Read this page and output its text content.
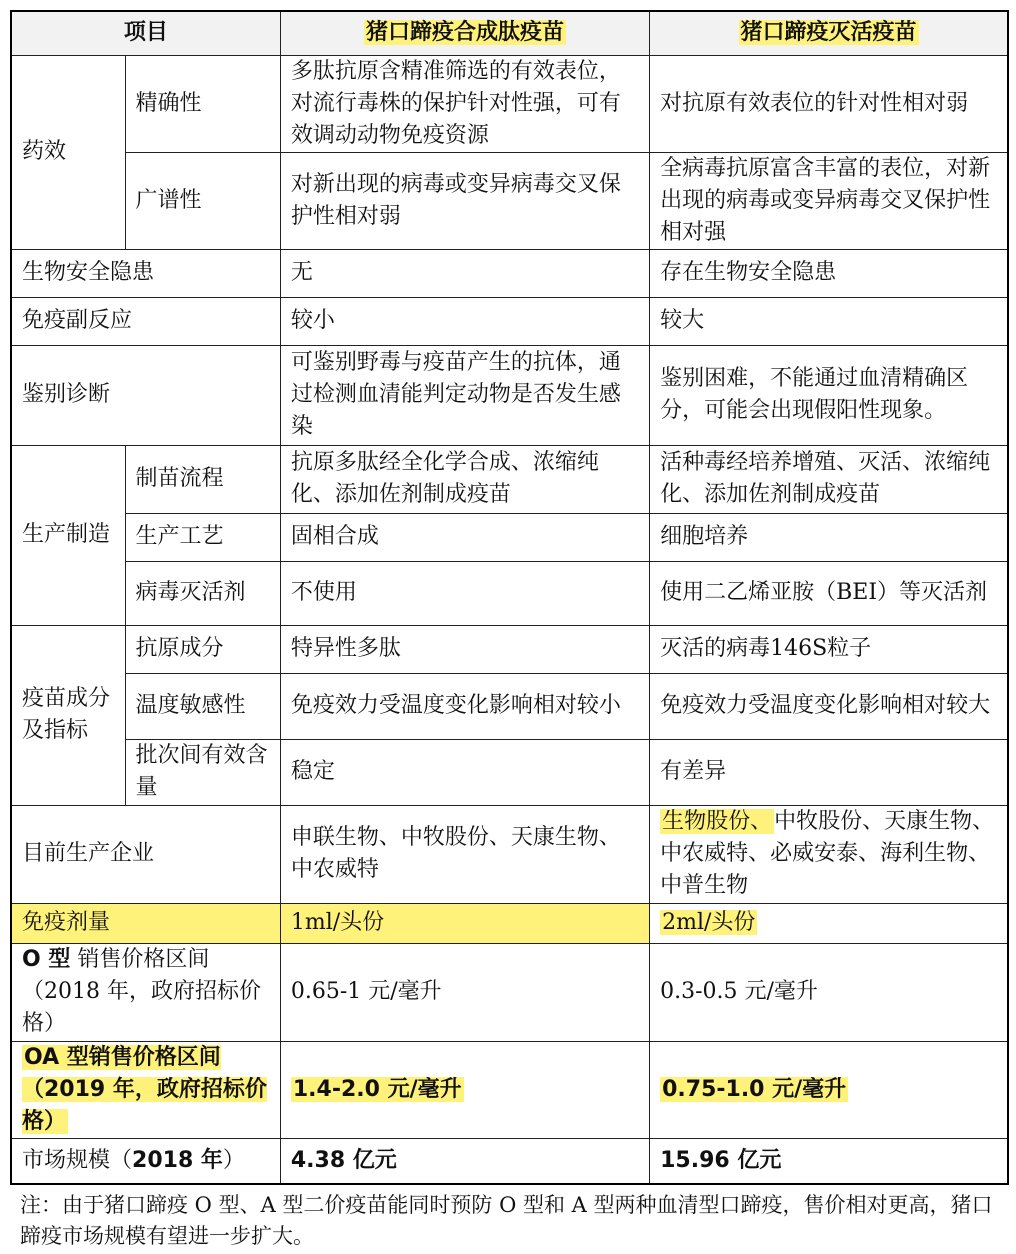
项目		猪口蹄疫合成肽疫苗	猪口蹄疫灭活疫苗
药效	精确性	多肽抗原含精准筛选的有效表位，对流行毒株的保护针对性强，可有效调动动物免疫资源	对抗原有效表位的针对性相对弱
	广谱性	对新出现的病毒或变异病毒交叉保护性相对弱	全病毒抗原富含丰富的表位，对新出现的病毒或变异病毒交叉保护性相对强
生物安全隐患		无	存在生物安全隐患
免疫副反应		较小	较大
鉴别诊断		可鉴别野毒与疫苗产生的抗体，通过检测血清能判定动物是否发生感染	鉴别困难，不能通过血清精确区分，可能会出现假阳性现象。
生产制造	制苗流程	抗原多肽经全化学合成、浓缩纯化、添加佐剂制成疫苗	活种毒经培养增殖、灭活、浓缩纯化、添加佐剂制成疫苗
	生产工艺	固相合成	细胞培养
	病毒灭活剂	不使用	使用二乙烯亚胺（BEI）等灭活剂
疫苗成分及指标	抗原成分	特异性多肽	灭活的病毒146S粒子
	温度敏感性	免疫效力受温度变化影响相对较小	免疫效力受温度变化影响相对较大
	批次间有效含量	稳定	有差异
目前生产企业		申联生物、中牧股份、天康生物、中农威特	生物股份、中牧股份、天康生物、中农威特、必威安泰、海利生物、中普生物
免疫剂量		1ml/头份	2ml/头份
O 型 销售价格区间（2018 年，政府招标价格）		0.65-1 元/毫升	0.3-0.5 元/毫升
OA 型销售价格区间（2019 年，政府招标价格）		1.4-2.0 元/毫升	0.75-1.0 元/毫升
市场规模（2018 年）		4.38 亿元	15.96 亿元
注：由于猪口蹄疫 O 型、A 型二价疫苗能同时预防 O 型和 A 型两种血清型口蹄疫，售价相对更高，猪口蹄疫市场规模有望进一步扩大。
